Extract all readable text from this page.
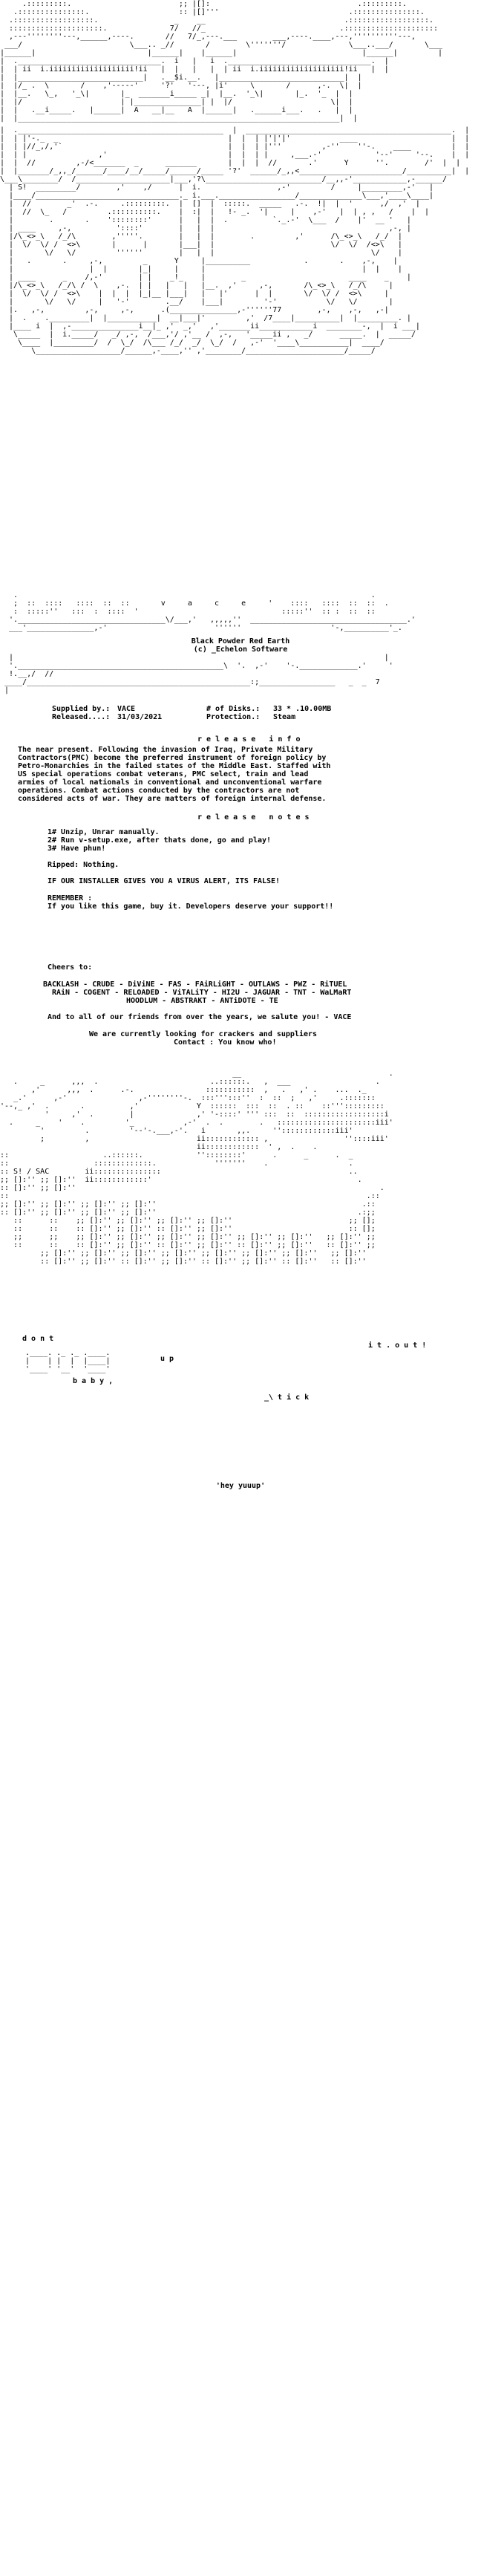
.:::::::::.                        ;; |[]:                                 .:::::::::.
.:::::::::::::::.                    :: |[]'''                             .:::::::::::::::.
.::::::::::::::::::.                 _    __                               .::::::::::::::::::.
:::::::::::::::::::::.              7/   //_                              .:::::::::::::::::::::
,---''''''''---,______,----.       //   7/_,---.___        ___,----.____,---,''''''''''---,
___/                        \___.. _//       /        \'''''''/              \___..___/       \___
|______|                         |______|    |______|                            |______|         |
|  .________________________________.  i   |   i  .________________________________.  |
|  | ii  i.iiiiiiiiiiiiiiiiiii!ii   |  |   |   |  | ii  i.iiiiiiiiiiiiiiiiiii!ii   |  |
|  |____________________________|   .__$i.__.   |____________________________|  |
|  |/_ .  \       /    ,'-----'     '?'   '---, |i'     \       /      ,-.  \|  |
|  |__.   \_,   '_\|       |_  _______i_____ _|  |__.  '_\|       |_.  '_  |  |
|  |/                      | |_______________| |  |/                      \|  |
|  |   .__i_____.   |______|  A   __|__   A  |______|   .______i___.   .   |  |
|  |________________________________________________________________________|  |
|  .______________________________________________  |  ______________________________________________.  |
|  | |'-._  _                                      |  |  | |'|'|'           ____                     |  |
|  | |//_,/,'`                                     |  |  | |'''         ,-''    ''-.    ____         |  |
|  | |                ,'                           |  |  | |     ,___.-'            '--'     '--.    |  |
|  |  //         ,-/<_______  _      _______       |  |  |  //       .'      Y      ''.        /'  |  |
|  |_______/_,,_/______/____/__/_____/______/_____ '?'  ______/_,,<_______________________/__________|  |
\___\________/  /_____________________|___,'?\__________________________/__,,-'____________,-______/
| S!  _________/        ,'    ,/      |  i.                 ,-'         /     |_________,-'   |
|____/________________________________._ i.___._________________/______________\___,'____\____|
|  //        _'  .-.     .:::::::::.  |  []  |  :::::.  _____   .-.  !|  |  '      ,/  ,'  |
|  //  \_   /         .::::::::::.    |  :|  |   !- _.  '|     |    ,-'   |  | , ,   /    |  |
|        .       .    '::::::::'      |   |  |  .          `._.-'  \___  /    |'  __ '   |
| ____     ,-,          '::::'        |   |  |                                       ,-, |
|/\_<>_\   /_/\        ,'''''.        |   |  |        .         ,'      /\_<>_\   /_/  |
|  \/  \/ /  <>\       |      |       |___|  |                          \/  \/  /<>\   |
|       \/   \/         ''''''        |   |  |                                   \/    |
|   .       .     ,-,         _      Y     |__________            .       .    ,-,    |
|                 |  |       |_|     |     |                                   |  |    |
| ____      _    /,-'        | |    _!_    |        _                       ____    _    |
|/\_<>_\   /_/\ /  \    ,-.  | |   |   |   |__.  ,'     ,-,       /\_<>_\   /_/\     |
|  \/  \/ /  <>\    |  |  |  |_|__ |___|   |   |'      |  |       \/  \/ /  <>\     |
|       \/   \/     |   '-'        .__/    |___|         '-'           \/   \/       |
|.   ,-,         ,-,     ,-,      .(_______________,-''''''77        ,-,    ,-,   ,-|
|  .    ._________|  |___________|  __|___|'         ,'  /7____|__________|  |_________. |
|____ i  |  ,-_______________i__|_ ,'  _,'   ,'_______ii____________i  ________-,  |  i ___|
\_____  |  i._____/   _/ ,-,  /___,'/ ,'__ /  ,-,   '_____ii ,   _/      _____.  |  _____/
\____  |_________/  /  \_/  /\___ /_/  _/  \_/  /   ,-'  '____\___________|  ____/
\___________________/______,-____,'' ,'________/______________________/_____/
.                                                                               .
;  ::  ::::   ::::  ::  ::       v     a     c     e     '    ::::   ::::  ::  ::  .
:  :::::''   :::  :  ::::  '                                :::::''  :: :  ::  ::
'._________________________________\/___,'   ,,,,,''  ___________________________________.'
___'_______________,-'                        ''''''                    '-,__________'_.
Black Powder Red Earth
(c) _Echelon Software
|                                                                                   |
'.______________________________________________\  '.  ,-'    '-._____________.'     '
!.__,/  //
____/__________________________________________________:;_________________   _  _  7
|
Supplied by.: VACE	# of Disks.:	33 * .10.00MB
Released....: 31/03/2021	Protection.:	Steam
r e l e a s e   i n f o
The near present. Following the invasion of Iraq, Private Military
Contractors(PMC) become the preferred instrument of foreign policy by
Petro-Monarchies in the failed states of the Middle East. Staffed with
US special operations combat veterans, PMC select, train and lead
armies of local nationals in conventional and unconventional warfare
operations. Combat actions conducted by the contractors are not
considered acts of war. They are matters of foreign internal defense.
r e l e a s e   n o t e s
1# Unzip, Unrar manually.
2# Run v-setup.exe, after thats done, go and play!
3# Have phun!
Ripped: Nothing.
IF OUR INSTALLER GIVES YOU A VIRUS ALERT, ITS FALSE!
REMEMBER :
If you like this game, buy it. Developers deserve your support!!
Cheers to:
BACKLASH - CRUDE - DiViNE - FAS - FAiRLiGHT - OUTLAWS - PWZ - RiTUEL
RAiN - COGENT - RELOADED - ViTALiTY - HI2U - JAGUAR - TNT - WaLMaRT
HOODLUM - ABSTRAKT - ANTiDOTE - TE
And to all of our friends from over the years, we salute you! - VACE
We are currently looking for crackers and suppliers
Contact : You know who!
__                                 .
.     _      ,,,  .                         ..::::::.   ,  ___                   .
,'      ,,,  .      .-.                :::::::::::  ,   .   ,' .    ...  ._
_.'      ,-'                ,-''''''''-.  :::''':::''  :  ::  ;   ,'     .:::::::
'--,_ ,'  .       .          ,'             Y  ::::::  :::  ::  . ::    ::''':::::::::
'     ,'  .        |              ,' '-::::' ''' :::  ::  ::::::::::::::::::i
.     _    '    .         '_           ,-'  .  .        .   ::::::::::::::::::::::iii'
'         .         '--'-.___,-'.   i       ,,.     ''::::::::::::iii'
;         ,                        ii:::::::::::: ,                 ''::::iii'
ii::::::::::::  ' ,  .    .
::                     ..::::::.            ''::::::::'      .      _      .  _
::                   :::::::::::::.             '''''''    .                  .
:: S! / SAC        ii:::::::::::::::                                          ..
;; []:'' ;; []:''  ii::::::::::::'                                              .
:: []:'' ;; []:''                                                                    .
::                                                                                .::
;; []:'' ;; []:'' ;; []:'' ;; []:''                                              .::
:: []:'' ;; []:'' ;; []:'' ;; []:''                                             .:;;
::      ::    ;; []:'' ;; []:'' ;; []:'' ;; []:''                          ;; [];
::      ::    :: []:'' ;; []:'' :: []:'' ;; []:''                          :: [];
;;      ;;    ;; []:'' ;; []:'' ;; []:'' ;; []:'' ;; []:'' ;; []:''   ;; []:'' ;;
::      ::    :: []:'' ;; []:'' :: []:'' ;; []:'' :: []:'' ;; []:''   :: []:'' ;;
;; []:'' ;; []:'' ;; []:'' ;; []:'' ;; []:'' ;; []:'' ;; []:''   ;; []:''
:: []:'' ;; []:'' :: []:'' ;; []:'' :: []:'' ;; []:'' :: []:''   :: []:''
d o n t
.____. ._ ._ .____.
|    | |  |  |____|
'____' '__'  '____'
u p
b a b y ,
i t . o u t !
_\ t i c k
'hey yuuup'
